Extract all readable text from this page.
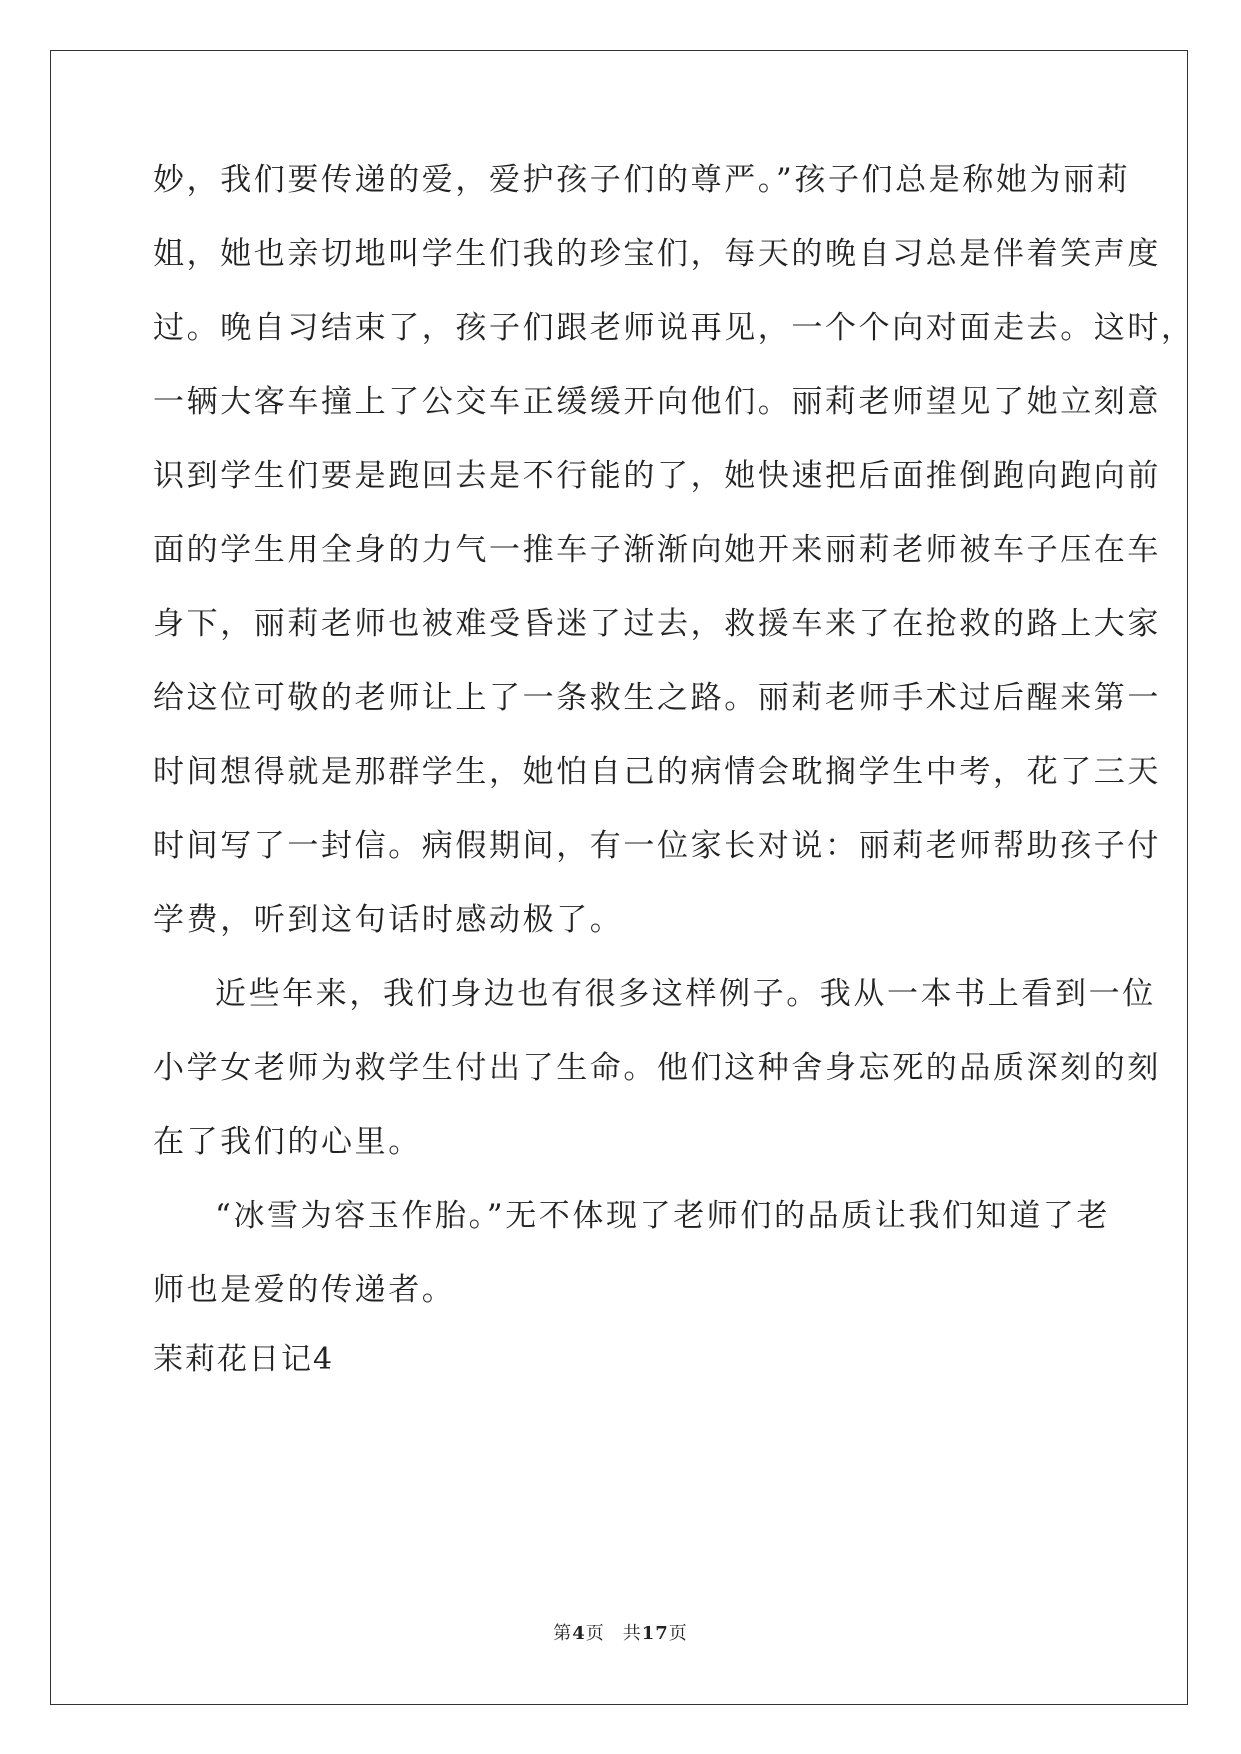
妙，我们要传递的爱，爱护孩子们的尊严。”孩子们总是称她为丽莉
姐，她也亲切地叫学生们我的珍宝们，每天的晚自习总是伴着笑声度
过。晚自习结束了，孩子们跟老师说再见，一个个向对面走去。这时，
一辆大客车撞上了公交车正缓缓开向他们。丽莉老师望见了她立刻意
识到学生们要是跑回去是不行能的了，她快速把后面推倒跑向跑向前
面的学生用全身的力气一推车子渐渐向她开来丽莉老师被车子压在车
身下，丽莉老师也被难受昏迷了过去，救援车来了在抢救的路上大家
给这位可敬的老师让上了一条救生之路。丽莉老师手术过后醒来第一
时间想得就是那群学生，她怕自己的病情会耽搁学生中考，花了三天
时间写了一封信。病假期间，有一位家长对说：丽莉老师帮助孩子付
学费，听到这句话时感动极了。
近些年来，我们身边也有很多这样例子。我从一本书上看到一位
小学女老师为救学生付出了生命。他们这种舍身忘死的品质深刻的刻
在了我们的心里。
“冰雪为容玉作胎。”无不体现了老师们的品质让我们知道了老
师也是爱的传递者。
茉莉花日记4
第4页 共17页
